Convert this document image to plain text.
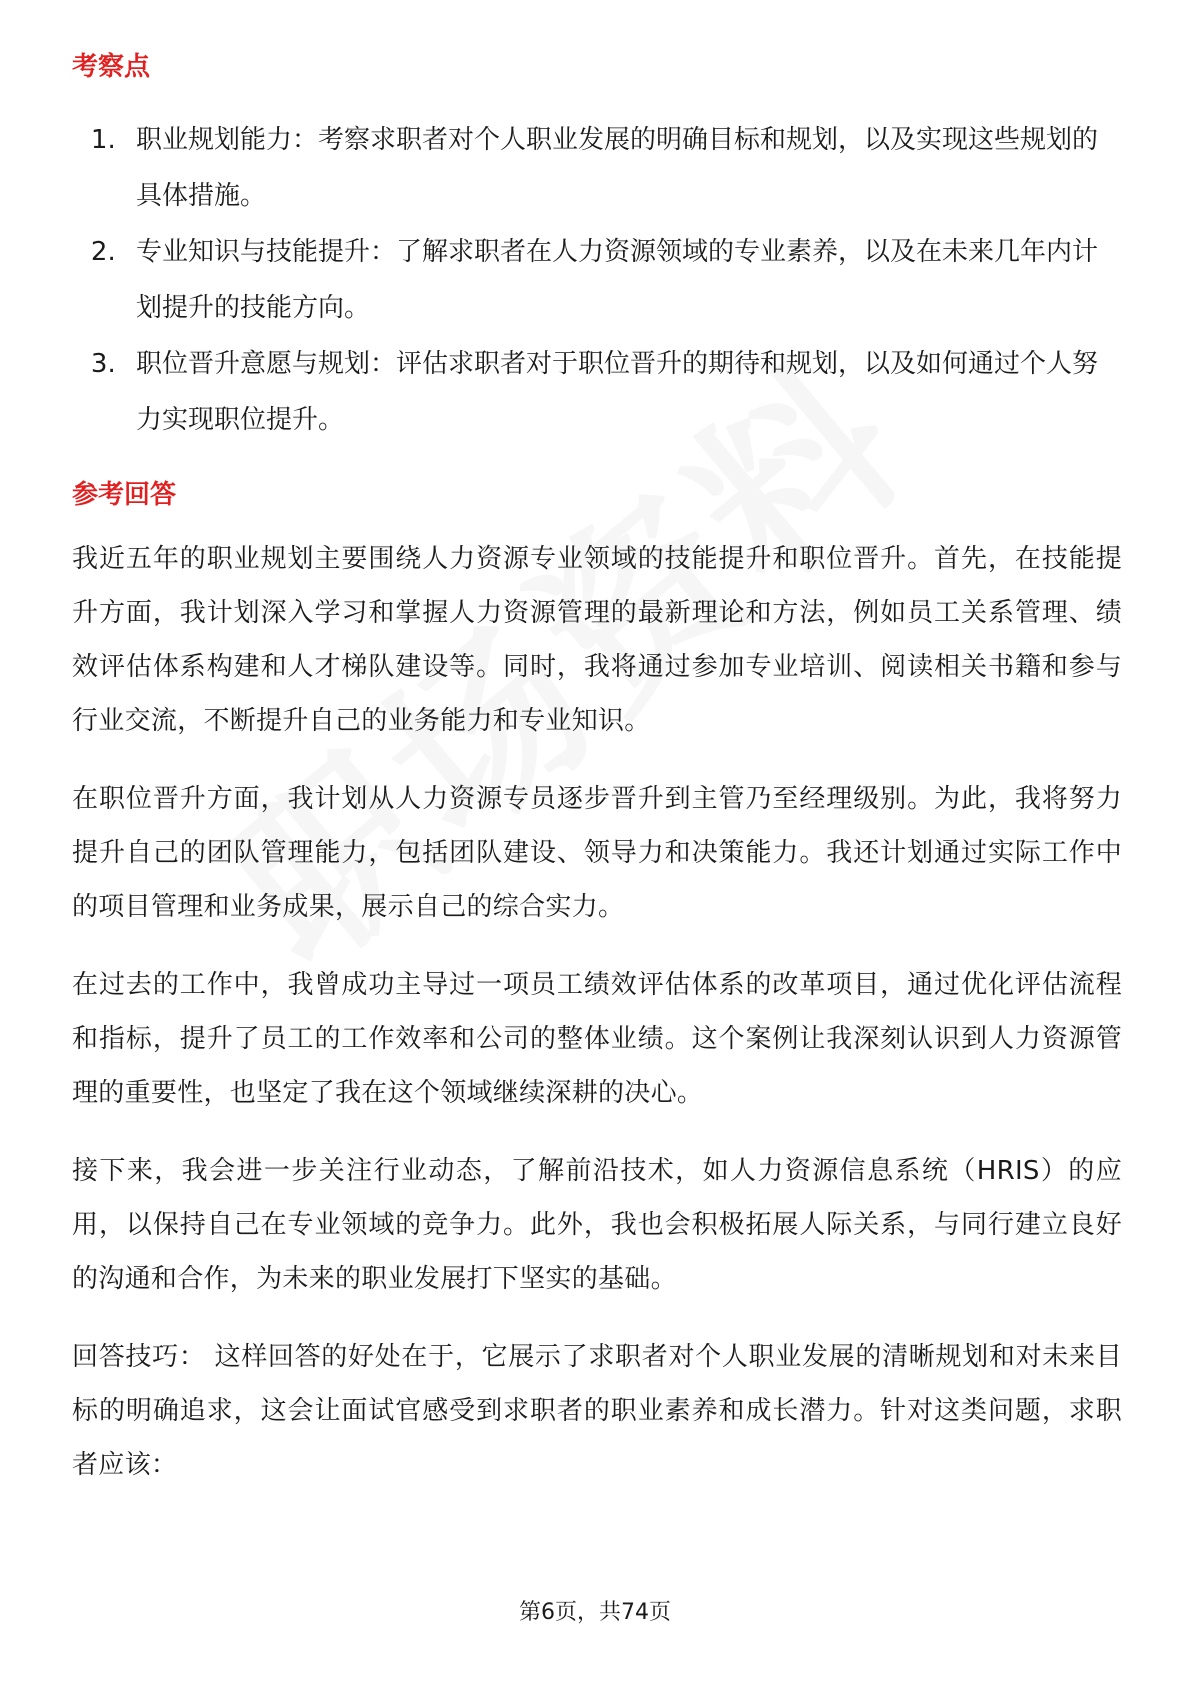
考察点
1. 职业规划能力：考察求职者对个人职业发展的明确目标和规划，以及实现这些规划的具体措施。
2. 专业知识与技能提升：了解求职者在人力资源领域的专业素养，以及在未来几年内计划提升的技能方向。
3. 职位晋升意愿与规划：评估求职者对于职位晋升的期待和规划，以及如何通过个人努力实现职位提升。
参考回答

我近五年的职业规划主要围绕人力资源专业领域的技能提升和职位晋升。首先，在技能提升方面，我计划深入学习和掌握人力资源管理的最新理论和方法，例如员工关系管理、绩效评估体系构建和人才梯队建设等。同时，我将通过参加专业培训、阅读相关书籍和参与行业交流，不断提升自己的业务能力和专业知识。

在职位晋升方面，我计划从人力资源专员逐步晋升到主管乃至经理级别。为此，我将努力提升自己的团队管理能力，包括团队建设、领导力和决策能力。我还计划通过实际工作中的项目管理和业务成果，展示自己的综合实力。

在过去的工作中，我曾成功主导过一项员工绩效评估体系的改革项目，通过优化评估流程和指标，提升了员工的工作效率和公司的整体业绩。这个案例让我深刻认识到人力资源管理的重要性，也坚定了我在这个领域继续深耕的决心。

接下来，我会进一步关注行业动态，了解前沿技术，如人力资源信息系统（HRIS）的应用，以保持自己在专业领域的竞争力。此外，我也会积极拓展人际关系，与同行建立良好的沟通和合作，为未来的职业发展打下坚实的基础。

回答技巧： 这样回答的好处在于，它展示了求职者对个人职业发展的清晰规划和对未来目标的明确追求，这会让面试官感受到求职者的职业素养和成长潜力。针对这类问题，求职者应该：

第6页，共74页
